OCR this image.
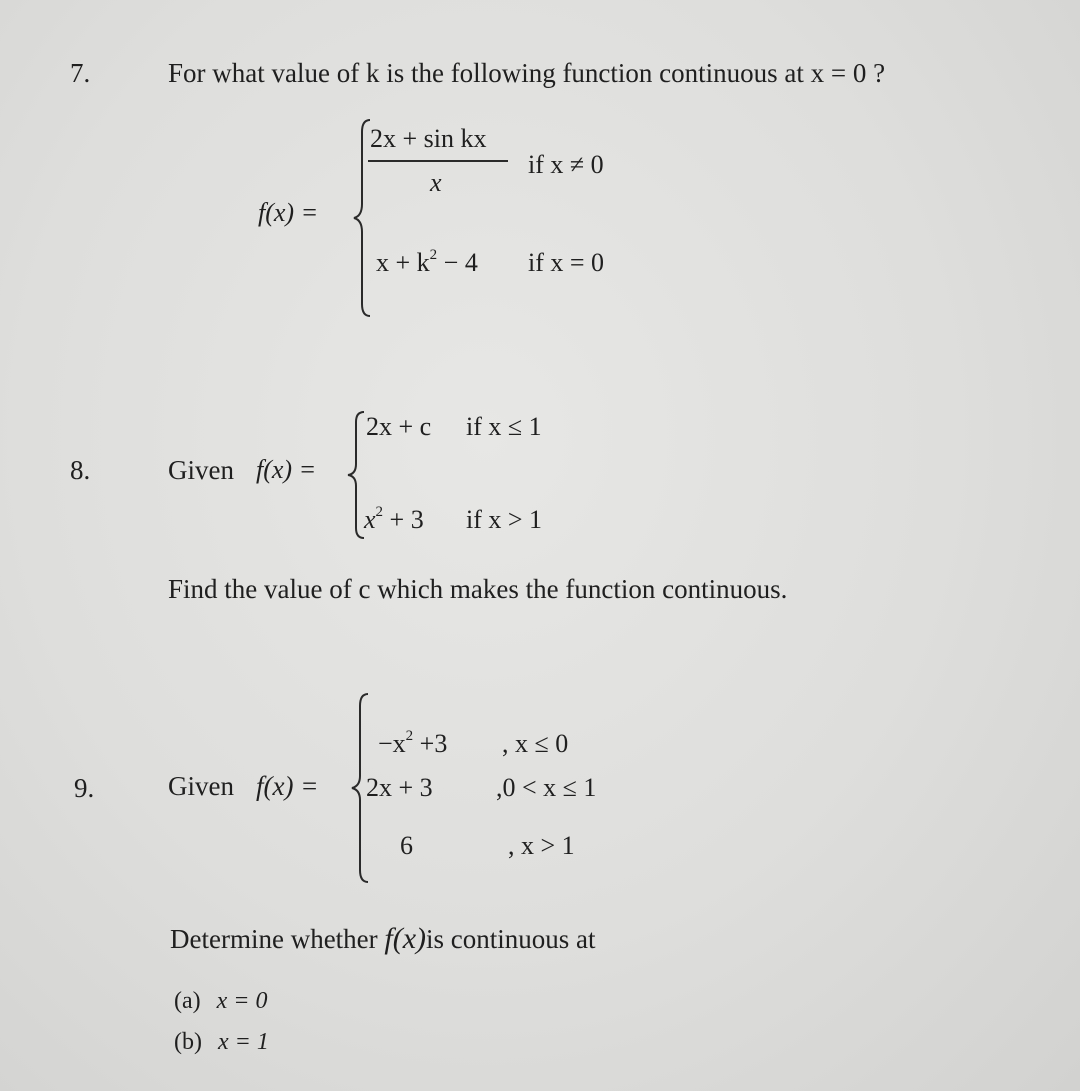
7.	For what value of k is the following function continuous at x = 0 ?
f(x) =
2x + sin kx
x
if x ≠ 0
$x + k^2 - 4$ if x = 0
8.	Given f(x) =
2x + c if x ≤ 1
$x^2 + 3$ if x > 1
Find the value of c which makes the function continuous.
9.	Given f(x) =
$-x^2 +3$ , x ≤ 0
2x + 3 ,0 < x ≤ 1
6	, x > 1
Determine whether f(x)is continuous at
(a) x = 0
(b) x = 1
